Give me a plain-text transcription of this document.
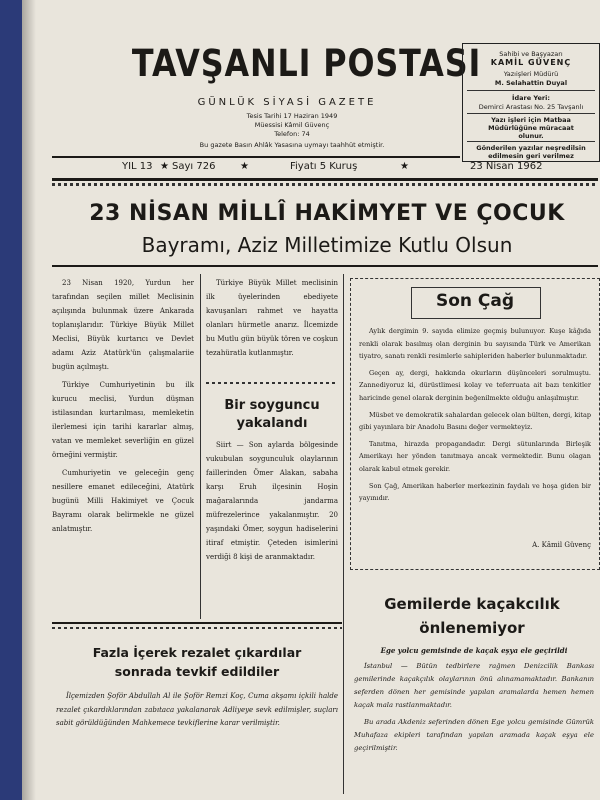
TAVŞANLI POSTASI
GÜNLÜK SİYASİ GAZETE
Tesis Tarihi 17 Haziran 1949
Müessisi Kâmil Güvenç
Telefon: 74
Bu gazete Basın Ahlâk Yasasına uymayı taahhüt etmiştir.
Sahibi ve Başyazarı
KAMİL GÜVENÇ
Yazıişleri Müdürü
M. Selahattin Duyal
İdare Yeri:
Demirci Arastası No. 25 Tavşanlı
Yazı işleri için Matbaa
Müdürlüğüne müracaat
olunur.
Gönderilen yazılar neşredilsin
edilmesin geri verilmez
YIL 13 ★ Sayı 726 ★	Fiyatı 5 Kuruş	★	23 Nisan 1962
23 NİSAN MİLLÎ HAKİMYET VE ÇOCUK
Bayramı, Aziz Milletimize Kutlu Olsun

23 Nisan 1920, Yurdun her tarafından seçilen millet Meclisinin açılışında bulunmak üzere Ankarada toplanışlarıdır. Türkiye Büyük Millet Meclisi, Büyük kurtarıcı ve Devlet adamı Aziz Atatürk'ün çalışmalariie bugün açılmıştı.

Türkiye Cumhuriyetinin bu ilk kurucu meclisi, Yurdun düşman istilasından kurtarılması, memleketin ilerlemesi için tarihi kararlar almış, vatan ve memleket severliğin en güzel örneğini vermiştir.

Cumhuriyetin ve geleceğin genç nesillere emanet edileceğini, Atatürk bugünü Milli Hakimiyet ve Çocuk Bayramı olarak belirmekle ne güzel anlatmıştır.

Türkiye Büyük Millet meclisinin ilk üyelerinden ebediyete kavuşanları rahmet ve hayatta olanları hürmetle anarız. İlcemizde bu Mutlu gün büyük tören ve coşkun tezahüratla kutlanmıştır.

Bir soyguncu
yakalandı

Siirt — Son aylarda bölgesinde vukubulan soygunculuk olaylarının faillerinden Ömer Alakan, sabaha karşı Eruh ilçesinin Hoşin mağaralarında jandarma müfrezelerince yakalanmıştır. 20 yaşındaki Ömer, soygun hadiselerini itiraf etmiştir. Çeteden isimlerini verdiği 8 kişi de aranmaktadır.

Son Çağ

Aylık dergimin 9. sayıda elimize geçmiş bulunuyor. Kuşe kâğıda renkli olarak basılmış olan derginin bu sayısında Türk ve Amerikan tiyatro, sanatı renkli resimlerle sahipleriden haberler bulunmaktadır.

Geçen ay, dergi, hakkında okurların düşünceleri sorulmuştu. Zannediyoruz ki, dürüstlimesi kolay ve teferruata ait bazı tenkitler haricinde genel olarak derginin beğenilmekte olduğu anlaşılmıştır.

Müsbet ve demokratik sahalardan gelecek olan bülten, dergi, kitap gibi yayınlara bir Anadolu Basını değer vermekteyiz.

Tanıtma, hirazda propagandadır. Dergi sütunlarında Birleşik Amerikayı her yönden tanıtmaya ancak vermektedir. Bunu olagan olarak kabul etmek gerekir.

Son Çağ, Amerikan haberler merkezinin faydalı ve hoşa giden bir yayınıdır.

A. Kâmil Güvenç
Gemilerde kaçakcılık
önlenemiyor
Ege yolcu gemisinde de kaçak eşya ele geçirildi

İstanbul — Bütün tedbirlere rağmen Denizcilik Bankası gemilerinde kaçakçılık olaylarının önü alınamamaktadır. Bankanın seferden dönen her gemisinde yapılan aramalarda hemen hemen kaçak mala rastlanmaktadır.

Bu arada Akdeniz seferinden dönen Ege yolcu gemisinde Gümrük Muhafaza ekipleri tarafından yapılan aramada kaçak eşya ele geçirilmiştir.

Fazla İçerek rezalet çıkardılar
sonrada tevkif edildiler

İlçemizden Şoför Abdullah Al ile Şoför Remzi Koç, Cuma akşamı içkili halde rezalet çıkardıklarından zabıtaca yakalanarak Adliyeye sevk edilmişler, suçları sabit görüldüğünden Mahkemece tevkiflerine karar verilmiştir.
